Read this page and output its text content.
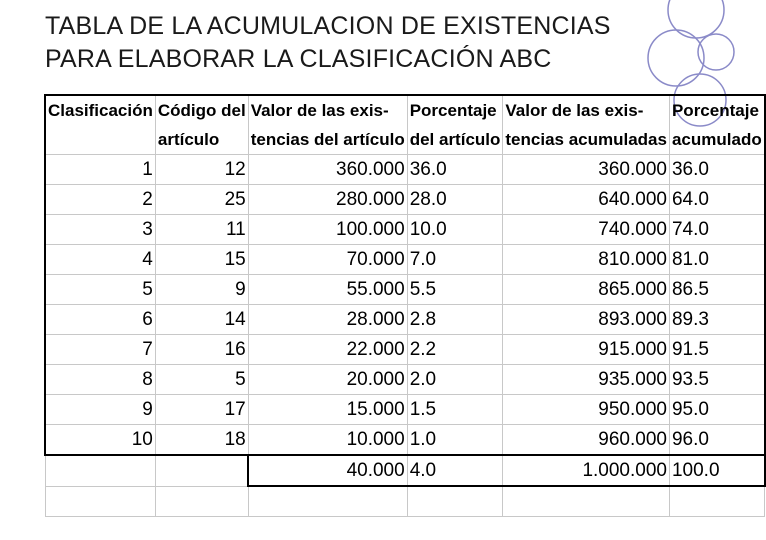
TABLA DE LA ACUMULACION DE EXISTENCIAS
PARA ELABORAR LA CLASIFICACIÓN ABC
Clasificación	Código del	Valor de las exis-	Porcentaje	Valor de las exis-	Porcentaje
	artículo	tencias del artículo	del artículo	tencias acumuladas	acumulado
1	12	360.000	36.0	360.000	36.0
2	25	280.000	28.0	640.000	64.0
3	11	100.000	10.0	740.000	74.0
4	15	70.000	7.0	810.000	81.0
5	9	55.000	5.5	865.000	86.5
6	14	28.000	2.8	893.000	89.3
7	16	22.000	2.2	915.000	91.5
8	5	20.000	2.0	935.000	93.5
9	17	15.000	1.5	950.000	95.0
10	18	10.000	1.0	960.000	96.0
		40.000	4.0	1.000.000	100.0
